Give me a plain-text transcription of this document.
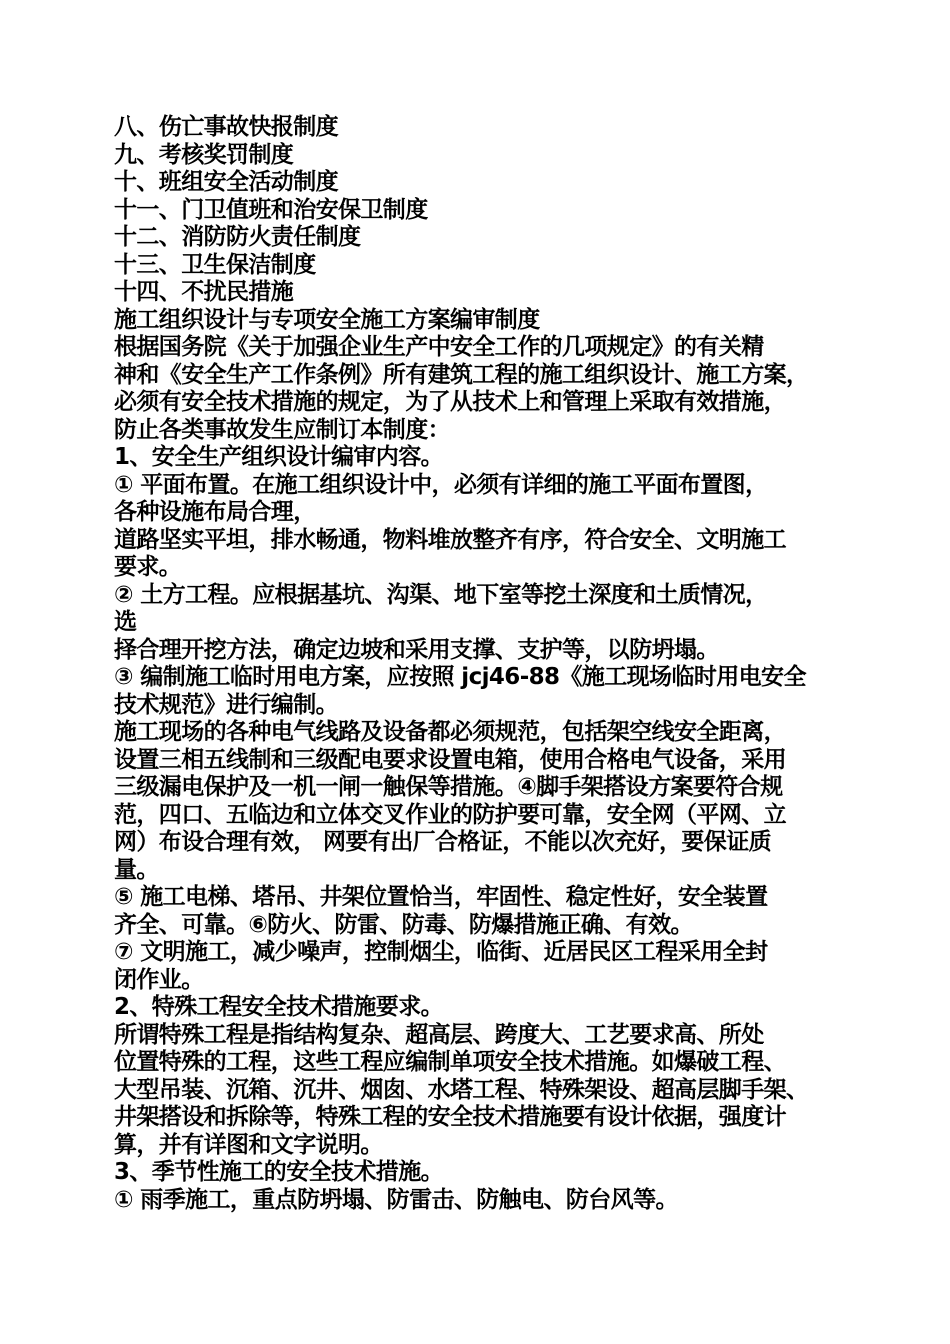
八、伤亡事故快报制度
九、考核奖罚制度
十、班组安全活动制度
十一、门卫值班和治安保卫制度
十二、消防防火责任制度
十三、卫生保洁制度
十四、不扰民措施
施工组织设计与专项安全施工方案编审制度
根据国务院《关于加强企业生产中安全工作的几项规定》的有关精
神和《安全生产工作条例》所有建筑工程的施工组织设计、施工方案，
必须有安全技术措施的规定，为了从技术上和管理上采取有效措施，
防止各类事故发生应制订本制度：
1、安全生产组织设计编审内容。
① 平面布置。在施工组织设计中，必须有详细的施工平面布置图，
各种设施布局合理，
道路坚实平坦，排水畅通，物料堆放整齐有序，符合安全、文明施工
要求。
② 土方工程。应根据基坑、沟渠、地下室等挖土深度和土质情况，
选
择合理开挖方法，确定边坡和采用支撑、支护等，以防坍塌。
③ 编制施工临时用电方案，应按照 jcj46-88《施工现场临时用电安全
技术规范》进行编制。
施工现场的各种电气线路及设备都必须规范，包括架空线安全距离，
设置三相五线制和三级配电要求设置电箱，使用合格电气设备，采用
三级漏电保护及一机一闸一触保等措施。④脚手架搭设方案要符合规
范，四口、五临边和立体交叉作业的防护要可靠，安全网（平网、立
网）布设合理有效， 网要有出厂合格证，不能以次充好，要保证质
量。
⑤ 施工电梯、塔吊、井架位置恰当，牢固性、稳定性好，安全装置
齐全、可靠。⑥防火、防雷、防毒、防爆措施正确、有效。
⑦ 文明施工，减少噪声，控制烟尘，临街、近居民区工程采用全封
闭作业。
2、特殊工程安全技术措施要求。
所谓特殊工程是指结构复杂、超高层、跨度大、工艺要求高、所处
位置特殊的工程，这些工程应编制单项安全技术措施。如爆破工程、
大型吊装、沉箱、沉井、烟囱、水塔工程、特殊架设、超高层脚手架、
井架搭设和拆除等，特殊工程的安全技术措施要有设计依据，强度计
算，并有详图和文字说明。
3、季节性施工的安全技术措施。
① 雨季施工，重点防坍塌、防雷击、防触电、防台风等。
